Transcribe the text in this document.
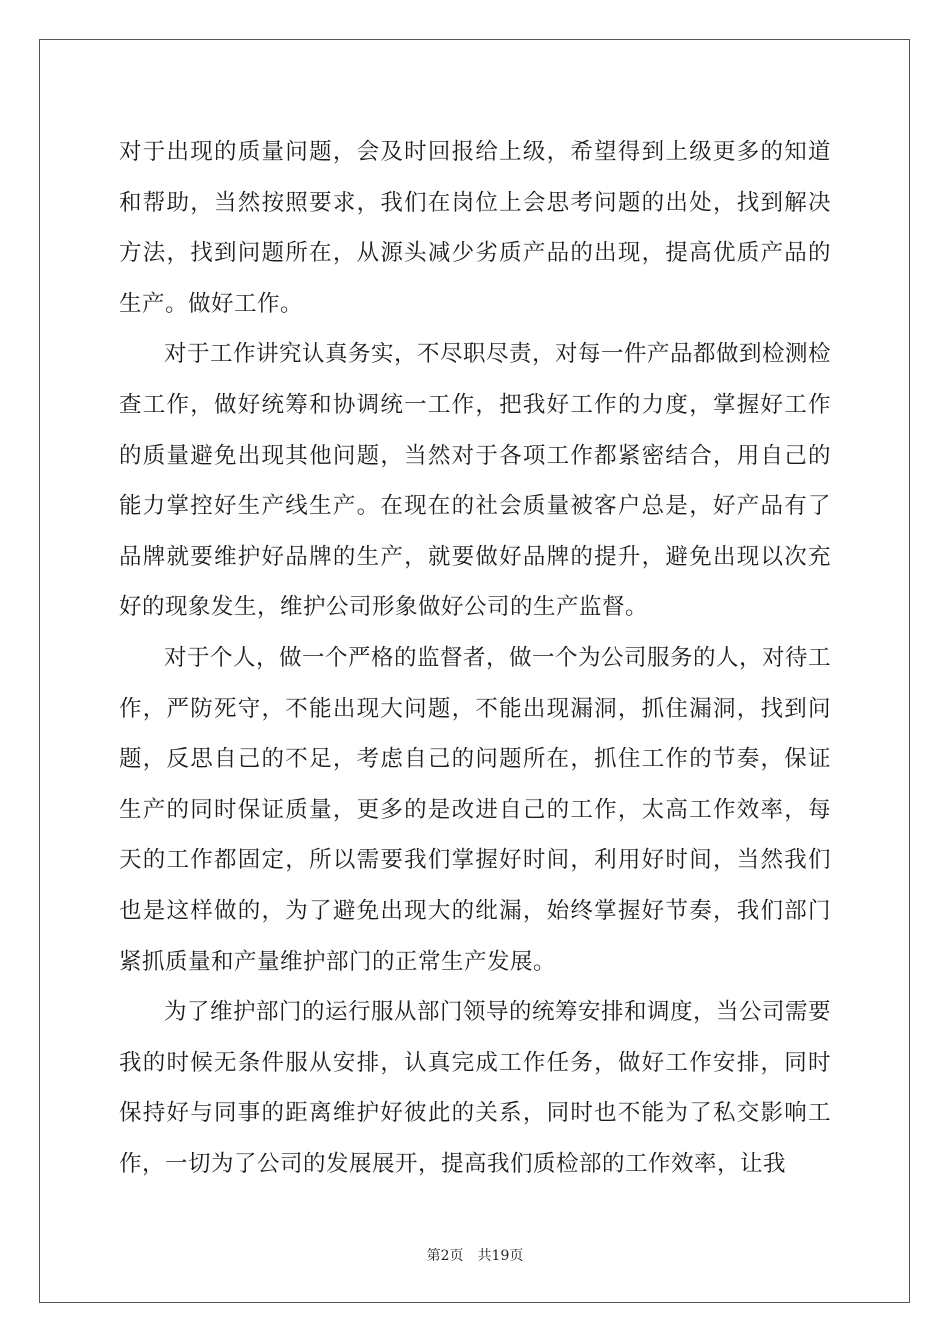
对于出现的质量问题，会及时回报给上级，希望得到上级更多的知道和帮助，当然按照要求，我们在岗位上会思考问题的出处，找到解决方法，找到问题所在，从源头减少劣质产品的出现，提高优质产品的生产。做好工作。

对于工作讲究认真务实，不尽职尽责，对每一件产品都做到检测检查工作，做好统筹和协调统一工作，把我好工作的力度，掌握好工作的质量避免出现其他问题，当然对于各项工作都紧密结合，用自己的能力掌控好生产线生产。在现在的社会质量被客户总是，好产品有了品牌就要维护好品牌的生产，就要做好品牌的提升，避免出现以次充好的现象发生，维护公司形象做好公司的生产监督。

对于个人，做一个严格的监督者，做一个为公司服务的人，对待工作，严防死守，不能出现大问题，不能出现漏洞，抓住漏洞，找到问题，反思自己的不足，考虑自己的问题所在，抓住工作的节奏，保证生产的同时保证质量，更多的是改进自己的工作，太高工作效率，每天的工作都固定，所以需要我们掌握好时间，利用好时间，当然我们也是这样做的，为了避免出现大的纰漏，始终掌握好节奏，我们部门紧抓质量和产量维护部门的正常生产发展。

为了维护部门的运行服从部门领导的统筹安排和调度，当公司需要我的时候无条件服从安排，认真完成工作任务，做好工作安排，同时保持好与同事的距离维护好彼此的关系，同时也不能为了私交影响工作，一切为了公司的发展展开，提高我们质检部的工作效率，让我

第2页 共19页
